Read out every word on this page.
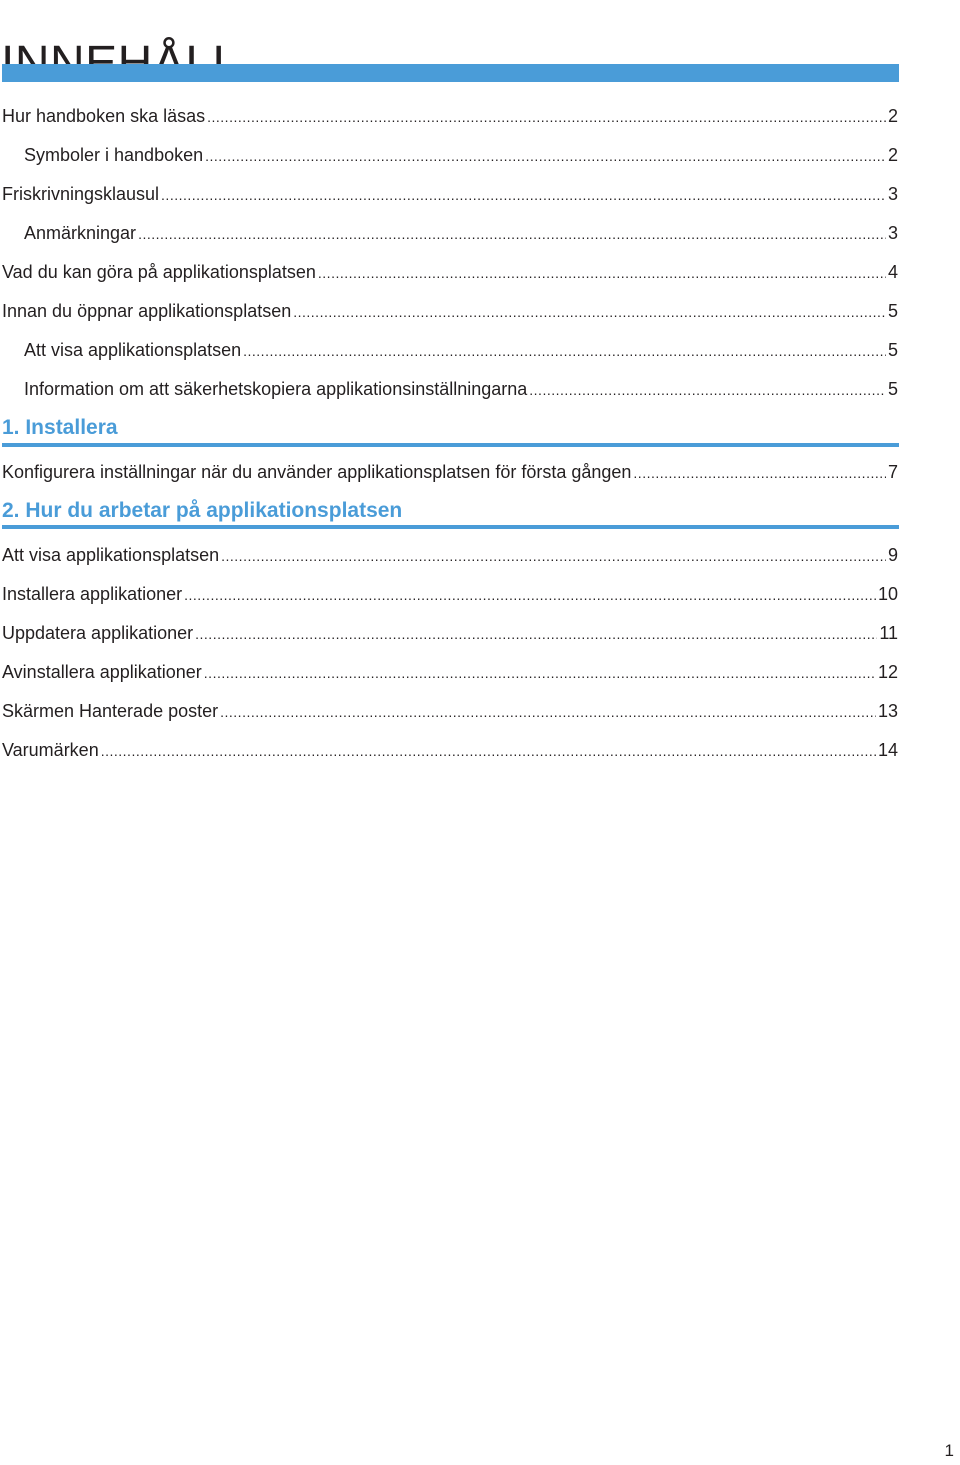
Hur handboken ska läsas .....	2
Symboler i handboken .....	2
Friskrivningsklausul .....	3
Anmärkningar .....	3
Vad du kan göra på applikationsplatsen .....	4
Innan du öppnar applikationsplatsen .....	5
Att visa applikationsplatsen .....	5
Information om att säkerhetskopiera applikationsinställningarna .....	5
1. Installera
Konfigurera inställningar när du använder applikationsplatsen för första gången .....	7
2. Hur du arbetar på applikationsplatsen
Att visa applikationsplatsen .....	9
Installera applikationer .....	10
Uppdatera applikationer .....	11
Avinstallera applikationer .....	12
Skärmen Hanterade poster .....	13
Varumärken .....	14
1
